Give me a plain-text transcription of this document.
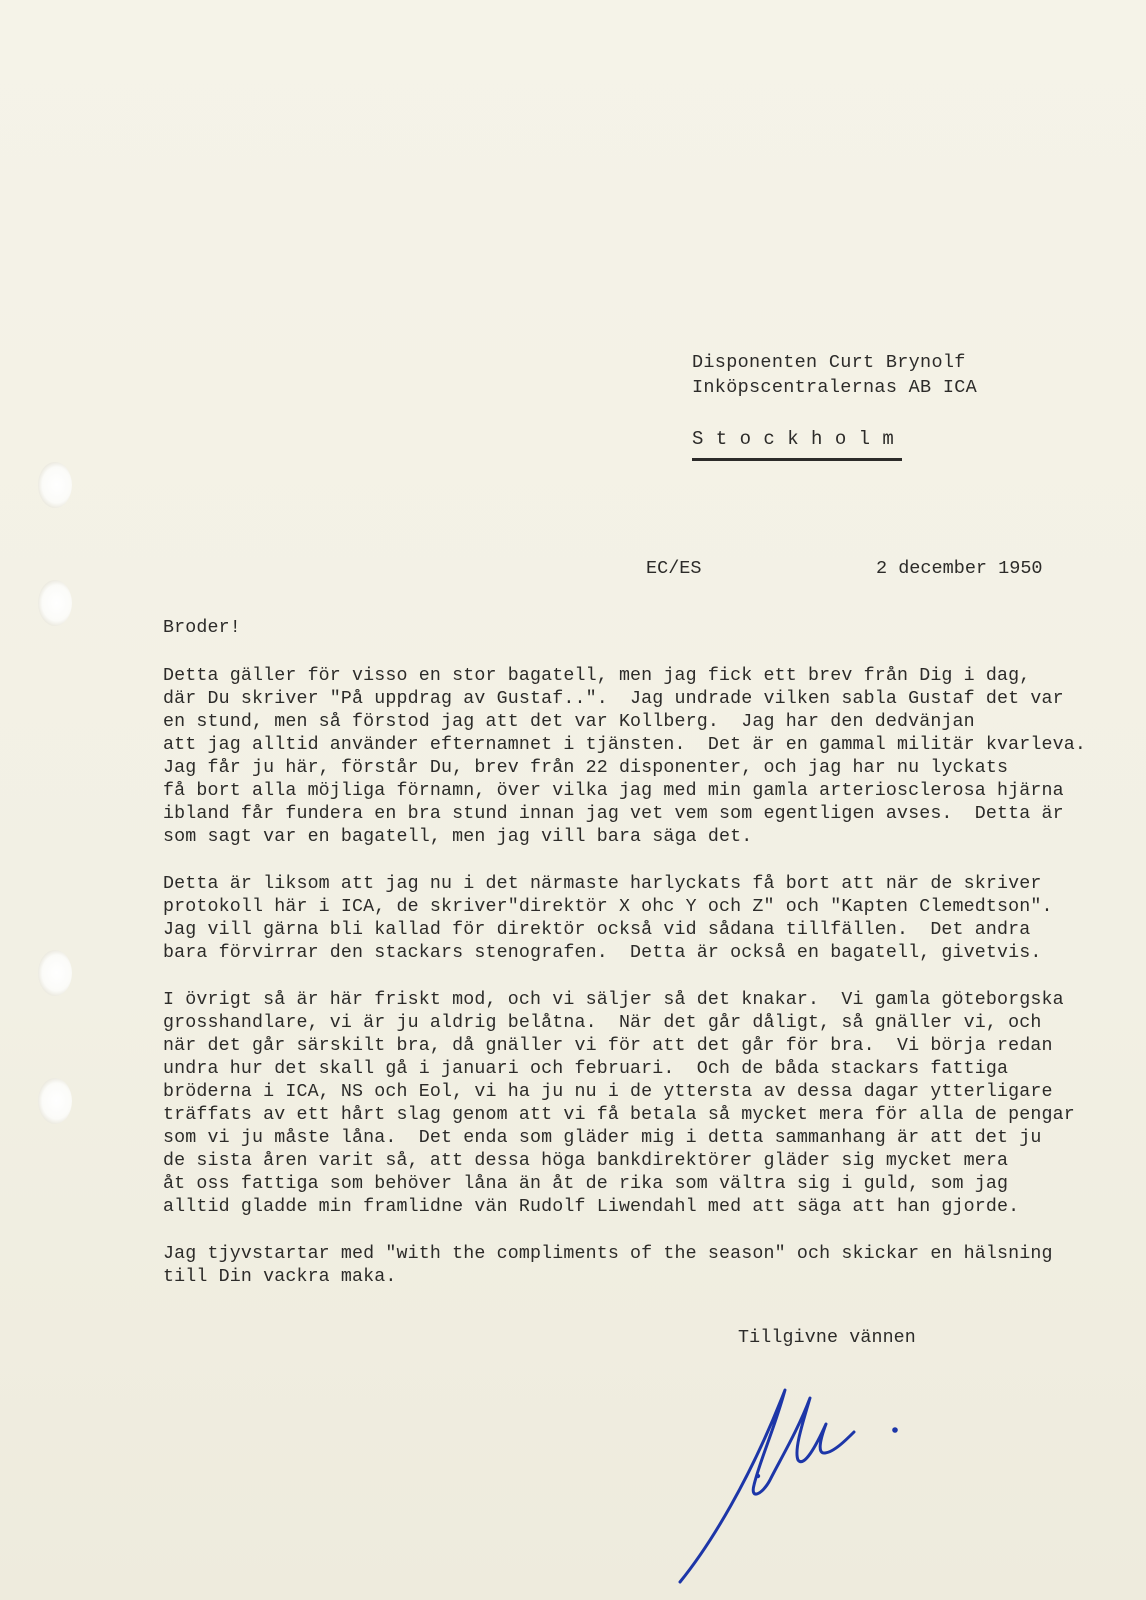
Disponenten Curt Brynolf
Inköpscentralernas AB ICA
S t o c k h o l m
EC/ES	2 december 1950
Broder!
Detta gäller för visso en stor bagatell, men jag fick ett brev från Dig i dag,
där Du skriver "På uppdrag av Gustaf..".  Jag undrade vilken sabla Gustaf det var
en stund, men så förstod jag att det var Kollberg.  Jag har den dedvänjan
att jag alltid använder efternamnet i tjänsten.  Det är en gammal militär kvarleva.
Jag får ju här, förstår Du, brev från 22 disponenter, och jag har nu lyckats
få bort alla möjliga förnamn, över vilka jag med min gamla arteriosclerosa hjärna
ibland får fundera en bra stund innan jag vet vem som egentligen avses.  Detta är
som sagt var en bagatell, men jag vill bara säga det.
Detta är liksom att jag nu i det närmaste harlyckats få bort att när de skriver
protokoll här i ICA, de skriver"direktör X ohc Y och Z" och "Kapten Clemedtson".
Jag vill gärna bli kallad för direktör också vid sådana tillfällen.  Det andra
bara förvirrar den stackars stenografen.  Detta är också en bagatell, givetvis.
I övrigt så är här friskt mod, och vi säljer så det knakar.  Vi gamla göteborgska
grosshandlare, vi är ju aldrig belåtna.  När det går dåligt, så gnäller vi, och
när det går särskilt bra, då gnäller vi för att det går för bra.  Vi börja redan
undra hur det skall gå i januari och februari.  Och de båda stackars fattiga
bröderna i ICA, NS och Eol, vi ha ju nu i de yttersta av dessa dagar ytterligare
träffats av ett hårt slag genom att vi få betala så mycket mera för alla de pengar
som vi ju måste låna.  Det enda som gläder mig i detta sammanhang är att det ju
de sista åren varit så, att dessa höga bankdirektörer gläder sig mycket mera
åt oss fattiga som behöver låna än åt de rika som vältra sig i guld, som jag
alltid gladde min framlidne vän Rudolf Liwendahl med att säga att han gjorde.
Jag tjyvstartar med "with the compliments of the season" och skickar en hälsning
till Din vackra maka.
Tillgivne vännen
